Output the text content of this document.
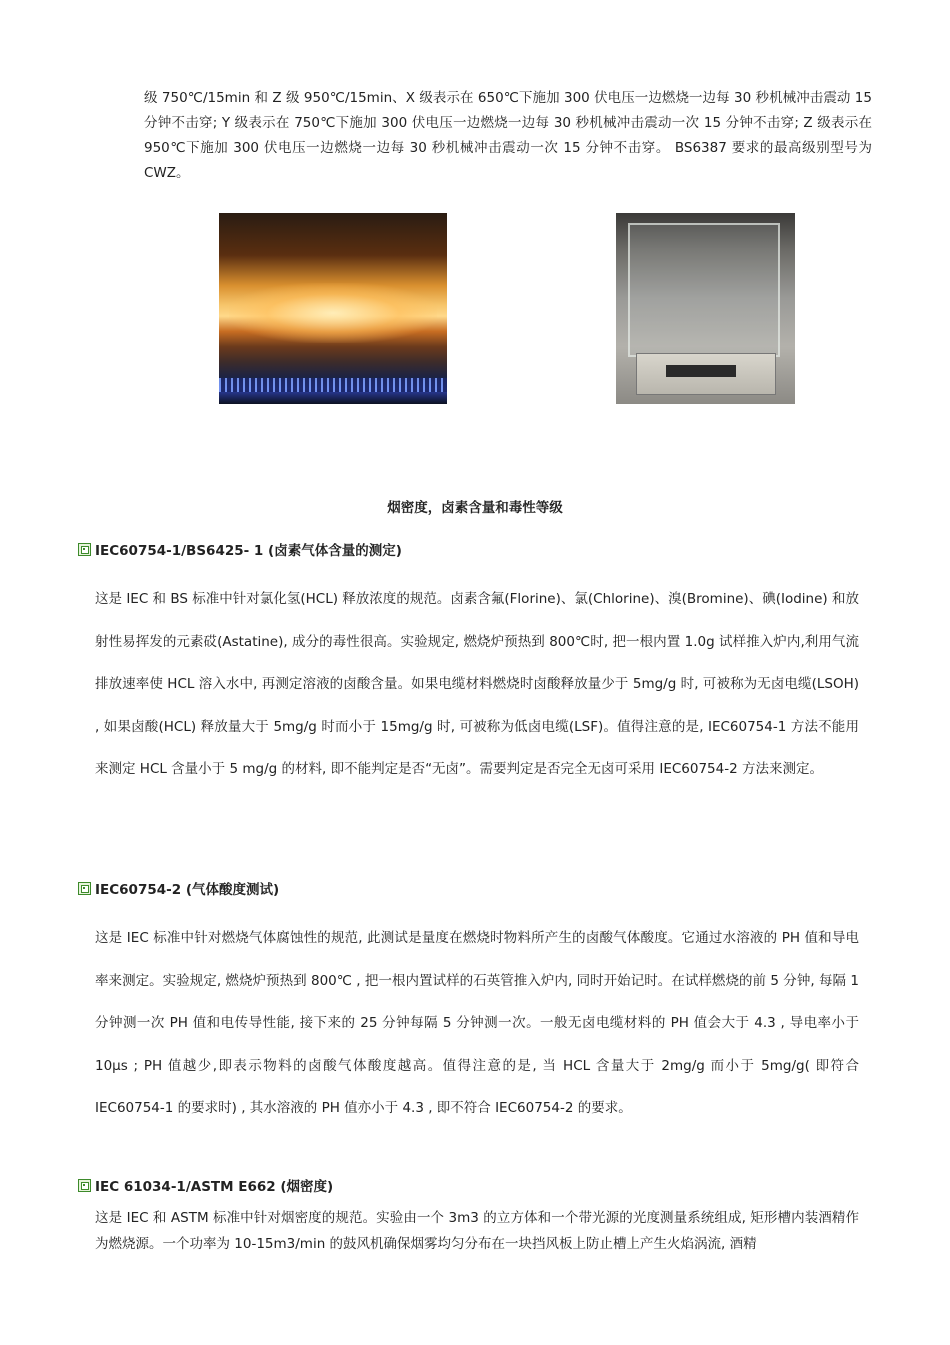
级 750℃/15min 和 Z 级 950℃/15min、X 级表示在 650℃下施加 300 伏电压一边燃烧一边每 30 秒机械冲击震动 15 分钟不击穿; Y 级表示在 750℃下施加 300 伏电压一边燃烧一边每 30 秒机械冲击震动一次 15 分钟不击穿; Z 级表示在 950℃下施加 300 伏电压一边燃烧一边每 30 秒机械冲击震动一次 15 分钟不击穿。 BS6387 要求的最高级别型号为 CWZ。

烟密度，卤素含量和毒性等级
IEC60754-1/BS6425- 1 (卤素气体含量的测定)

这是 IEC 和 BS 标准中针对氯化氢(HCL) 释放浓度的规范。卤素含氟(Florine)、氯(Chlorine)、溴(Bromine)、碘(Iodine) 和放射性易挥发的元素砹(Astatine), 成分的毒性很高。实验规定, 燃烧炉预热到 800℃时, 把一根内置 1.0g 试样推入炉内,利用气流排放速率使 HCL 溶入水中, 再测定溶液的卤酸含量。如果电缆材料燃烧时卤酸释放量少于 5mg/g 时, 可被称为无卤电缆(LSOH) , 如果卤酸(HCL) 释放量大于 5mg/g 时而小于 15mg/g 时, 可被称为低卤电缆(LSF)。值得注意的是, IEC60754-1 方法不能用来测定 HCL 含量小于 5 mg/g 的材料, 即不能判定是否“无卤”。需要判定是否完全无卤可采用 IEC60754-2 方法来测定。

IEC60754-2 (气体酸度测试)

这是 IEC 标准中针对燃烧气体腐蚀性的规范, 此测试是量度在燃烧时物料所产生的卤酸气体酸度。它通过水溶液的 PH 值和导电率来测定。实验规定, 燃烧炉预热到 800℃ , 把一根内置试样的石英管推入炉内, 同时开始记时。在试样燃烧的前 5 分钟, 每隔 1 分钟测一次 PH 值和电传导性能, 接下来的 25 分钟每隔 5 分钟测一次。一般无卤电缆材料的 PH 值会大于 4.3 , 导电率小于 10μs ; PH 值越少,即表示物料的卤酸气体酸度越高。值得注意的是, 当 HCL 含量大于 2mg/g 而小于 5mg/g( 即符合 IEC60754-1 的要求时) , 其水溶液的 PH 值亦小于 4.3 , 即不符合 IEC60754-2 的要求。

IEC 61034-1/ASTM E662 (烟密度)

这是 IEC 和 ASTM 标准中针对烟密度的规范。实验由一个 3m3 的立方体和一个带光源的光度测量系统组成, 矩形槽内装酒精作为燃烧源。一个功率为 10-15m3/min 的鼓风机确保烟雾均匀分布在一块挡风板上防止槽上产生火焰涡流, 酒精
